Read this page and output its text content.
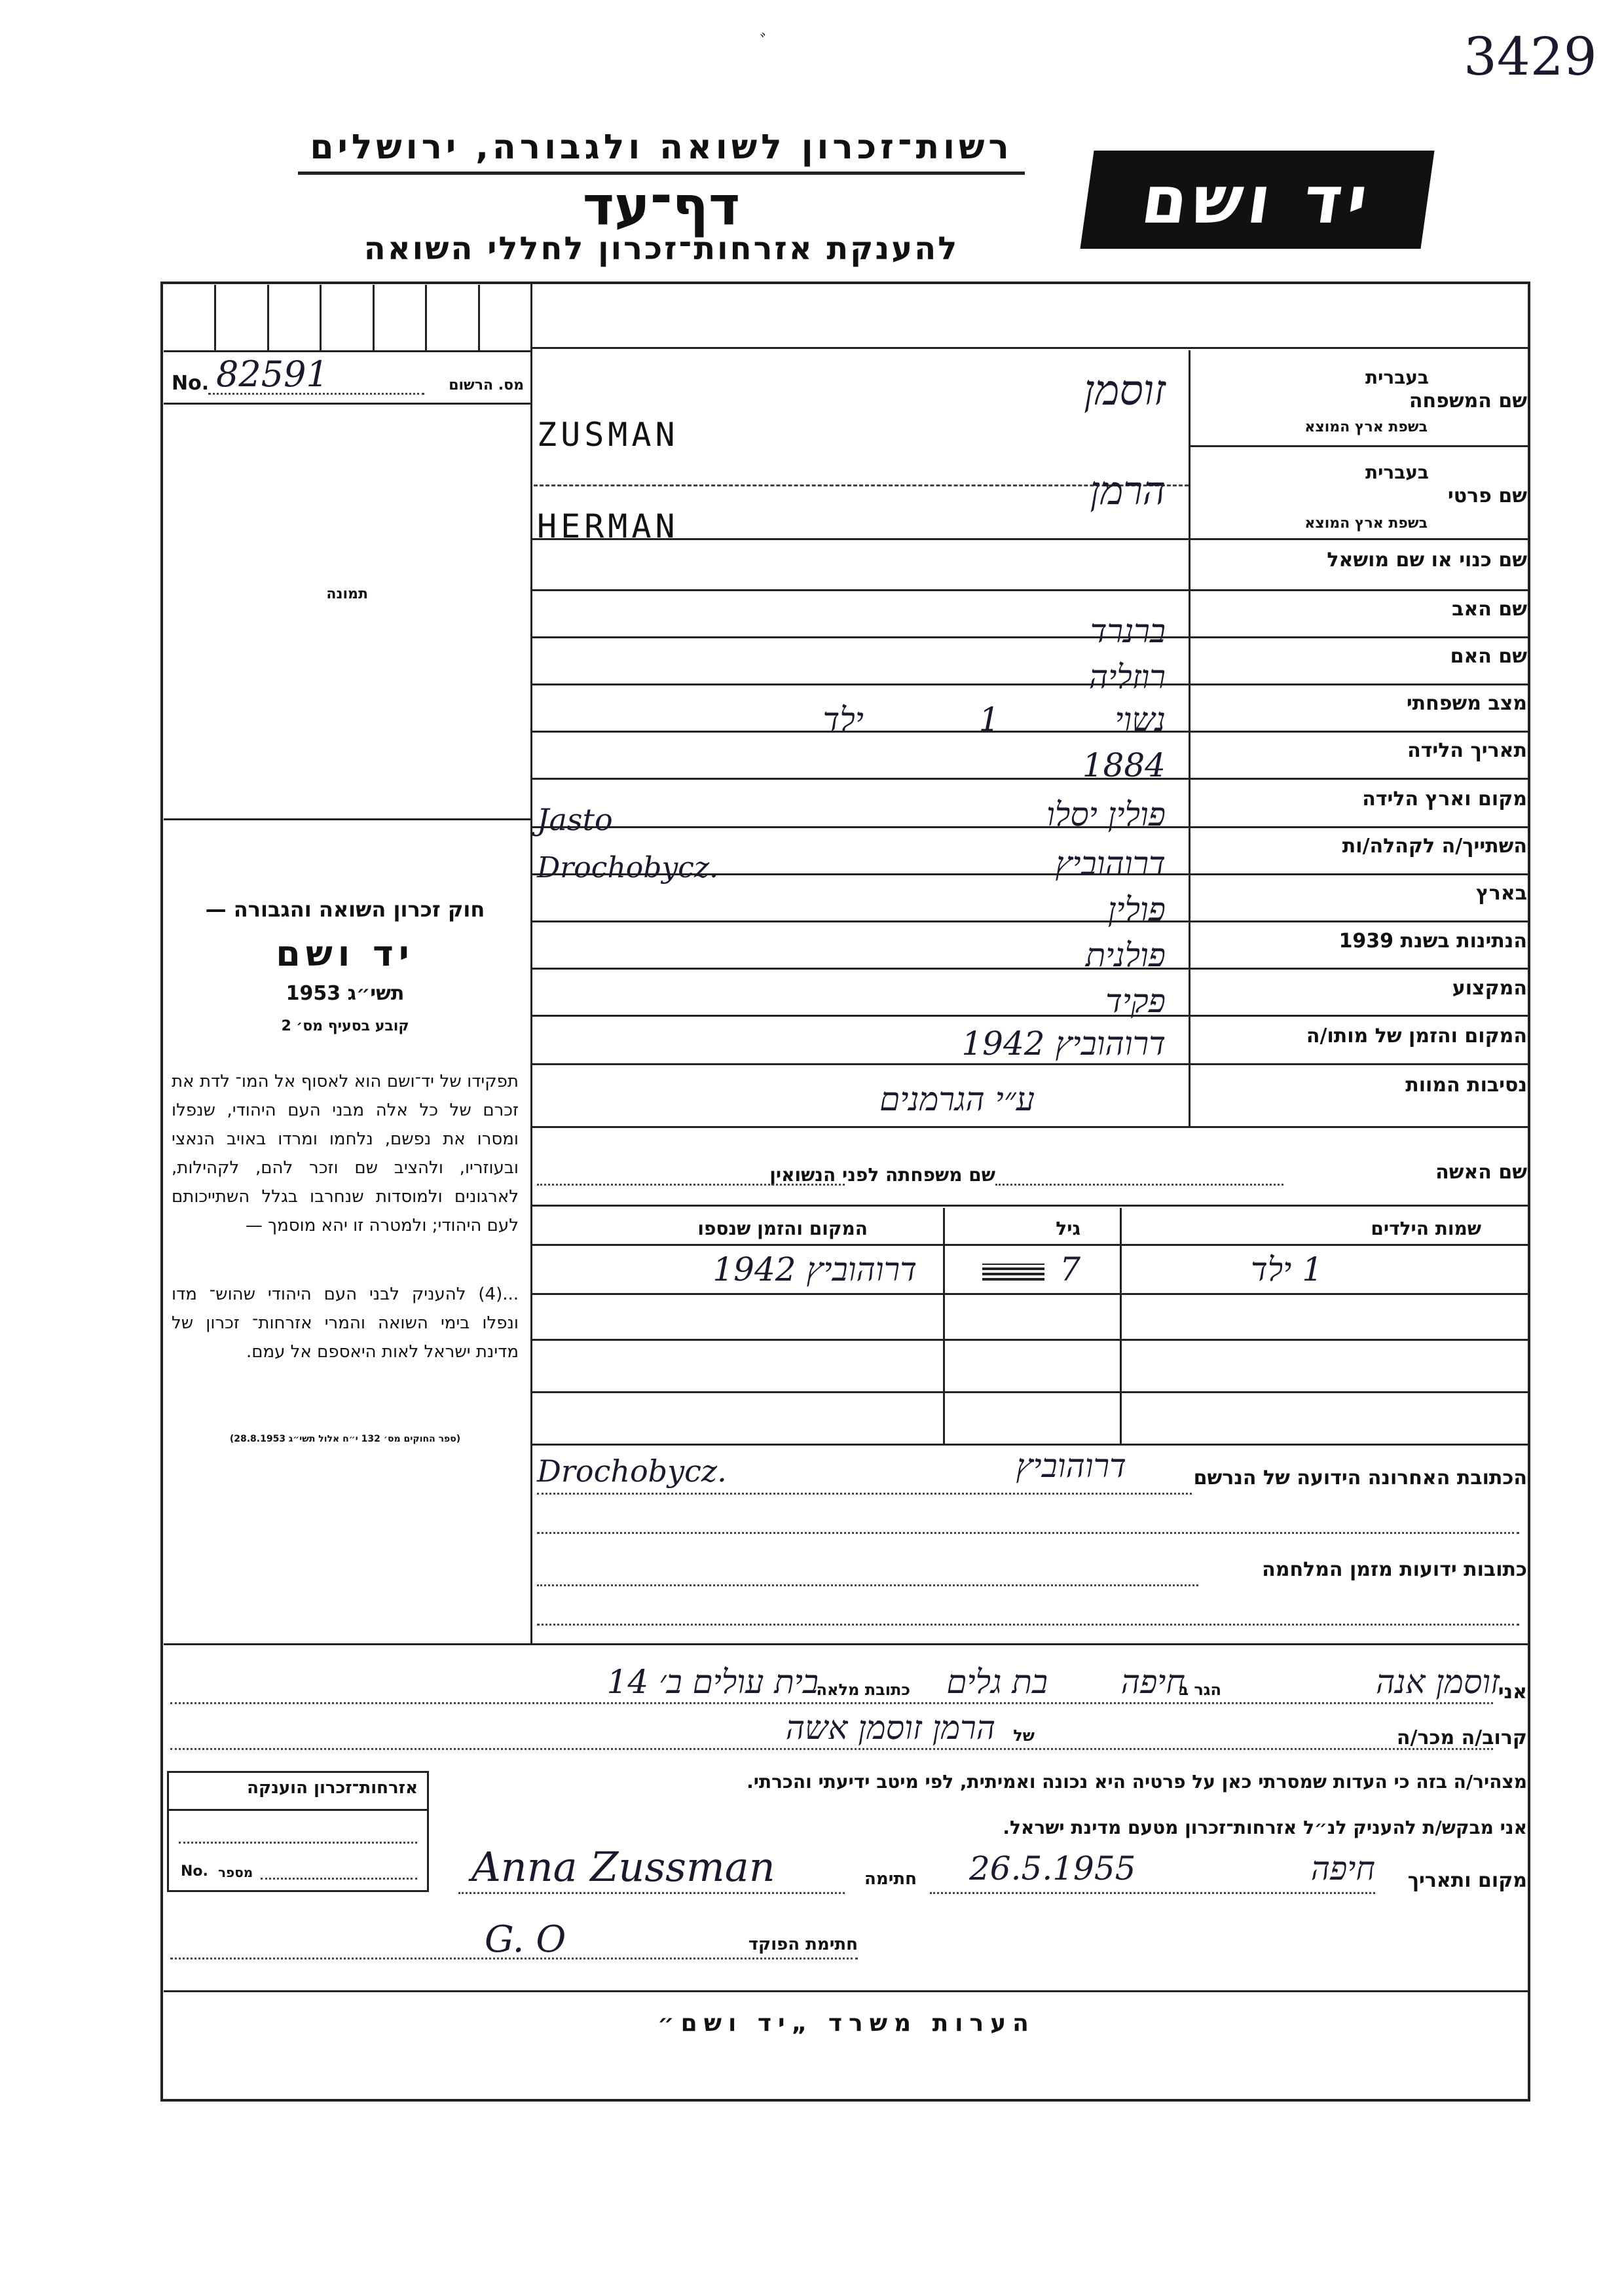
3429
ﾞ
רשות־זכרון לשואה ולגבורה, ירושלים
דף־עד
להענקת אזרחות־זכרון לחללי השואה
יד ושם
No. 82591	מס. הרשום
תמונה
חוק זכרון השואה והגבורה —
יד ושם
תשי״ג 1953
קובע בסעיף מס׳ 2
תפקידו של יד־ושם הוא לאסוף אל המו־ לדת את זכרם של כל אלה מבני העם היהודי, שנפלו ומסרו את נפשם, נלחמו ומרדו באויב הנאצי ובעוזריו, ולהציב שם וזכר להם, לקהילות, לארגונים ולמוסדות שנחרבו בגלל השתייכותם לעם היהודי; ולמטרה זו יהא מוסמך —
...(4) להעניק לבני העם היהודי שהוש־ מדו ונפלו בימי השואה והמרי אזרחות־ זכרון של מדינת ישראל לאות היאספם אל עמם.
(ספר החוקים מס׳ 132 י״ח אלול תשי״ג 28.8.1953)
בעברית
שם המשפחה
בשפת ארץ המוצא
בעברית
שם פרטי
בשפת ארץ המוצא
שם כנוי או שם מושאל
שם האב
שם האם
מצב משפחתי
תאריך הלידה
מקום וארץ הלידה
השתייך/ה לקהלה/ות
בארץ
הנתינות בשנת 1939
המקצוע
המקום והזמן של מותו/ה
נסיבות המוות
זוסמן
ZUSMAN
הרמן
HERMAN
ברנרד
רוזליה
נשוי 1 ילד
1884
פולין יסלו
Jasto
דרוהוביץ
Drochobycz.
פולין
פולנית
פקיד
דרוהוביץ 1942
ע״י הגרמנים
שם האשה
שם משפחתה לפני הנשואין
שמות הילדים
גיל
המקום והזמן שנספו
1 ילד
7
דרוהוביץ 1942
הכתובת האחרונה הידועה של הנרשם
Drochobycz.	דרוהוביץ
כתובות ידועות מזמן המלחמה
אני
זוסמן אנה
הגר ב
חיפה
בת גלים
כתובת מלאה
בית עולים ב׳ 14
קרוב/ה מכר/ה
של
הרמן זוסמן אשה
מצהיר/ה בזה כי העדות שמסרתי כאן על פרטיה היא נכונה ואמיתית, לפי מיטב ידיעתי והכרתי.
אני מבקש/ת להעניק לנ״ל אזרחות־זכרון מטעם מדינת ישראל.
מקום ותאריך
חיפה
26.5.1955
חתימה
Anna Zussman
חתימת הפוקד
G. O
אזרחות־זכרון הוענקה
No. מספר
הערות משרד „יד ושם״
